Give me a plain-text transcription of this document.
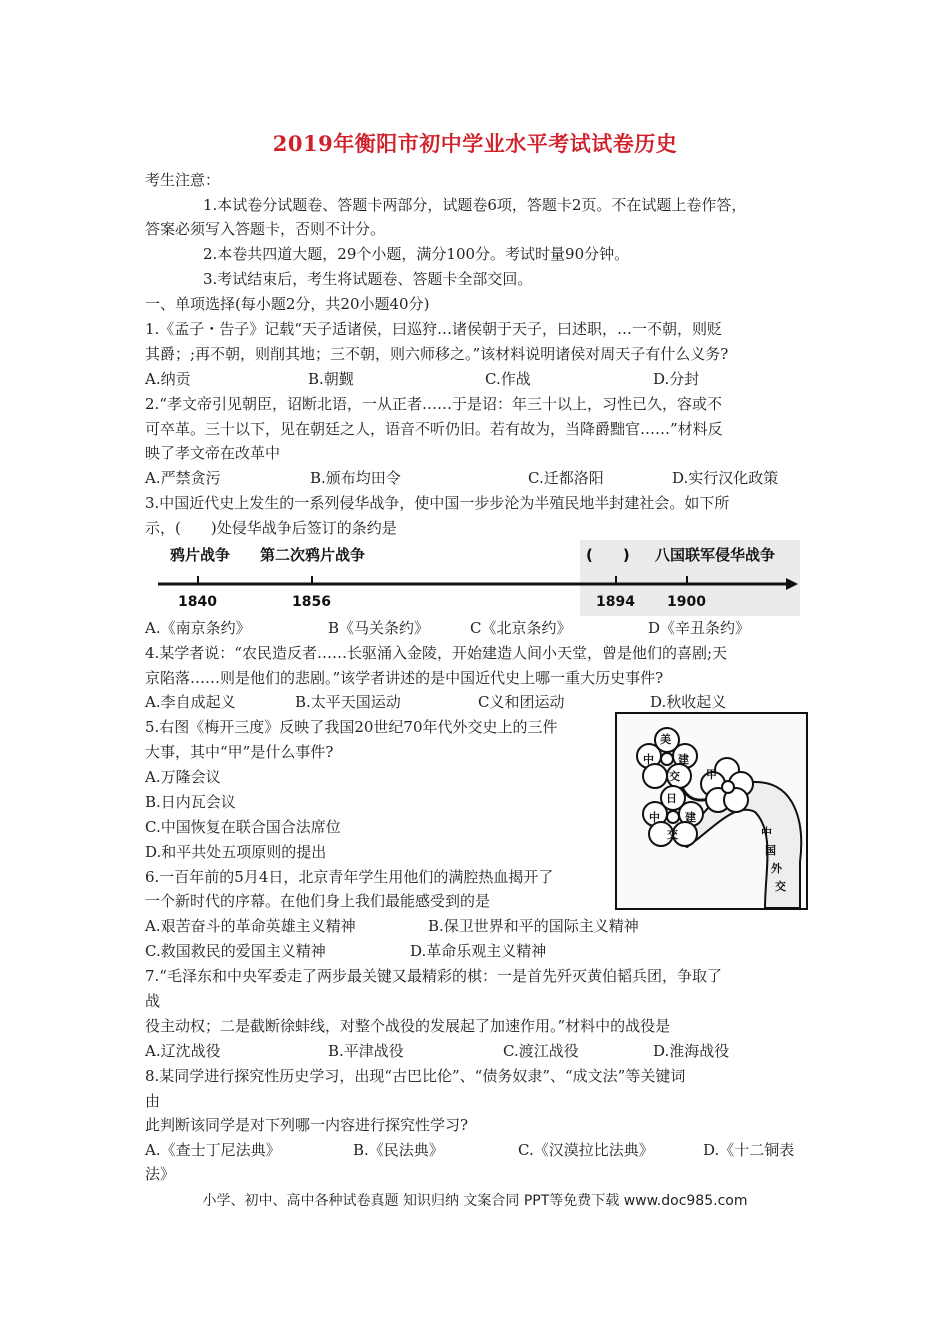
2019年衡阳市初中学业水平考试试卷历史
考生注意：
1.本试卷分试题卷、答题卡两部分，试题卷6项，答题卡2页。不在试题上卷作答，
答案必须写入答题卡，否则不计分。
2.本卷共四道大题，29个小题，满分100分。考试时量90分钟。
3.考试结束后，考生将试题卷、答题卡全部交回。
一、单项选择(每小题2分，共20小题40分)
1.《孟子・告子》记载“天子适诸侯，曰巡狩…诸侯朝于天子，曰述职，…一不朝，则贬
其爵；;再不朝，则削其地；三不朝，则六师移之。”该材料说明诸侯对周天子有什么义务?
A.纳贡	B.朝觐	C.作战	D.分封
2.“孝文帝引见朝臣，诏断北语，一从正者……于是诏：年三十以上，习性已久，容或不
可卒革。三十以下，见在朝廷之人，语音不听仍旧。若有故为，当降爵黜官……”材料反
映了孝文帝在改革中
A.严禁贪污	B.颁布均田令	C.迁都洛阳	D.实行汉化政策
3.中国近代史上发生的一系列侵华战争，使中国一步步沦为半殖民地半封建社会。如下所
示，(　　)处侵华战争后签订的条约是
鸦片战争 第二次鸦片战争	(　　) 八国联军侵华战争
1840	1856	1894 1900
A.《南京条约》	B《马关条约》	C《北京条约》	D《辛丑条约》
4.某学者说：“农民造反者……长驱涌入金陵，开始建造人间小天堂，曾是他们的喜剧;天
京陷落……则是他们的悲剧。”该学者讲述的是中国近代史上哪一重大历史事件?
A.李自成起义	B.太平天国运动	C义和团运动	D.秋收起义
5.右图《梅开三度》反映了我国20世纪70年代外交史上的三件
大事，其中“甲”是什么事件?
A.万隆会议
B.日内瓦会议
C.中国恢复在联合国合法席位
D.和平共处五项原则的提出
美
中 建
交 甲
日
中 建
交	中
国
外
交
6.一百年前的5月4日，北京青年学生用他们的满腔热血揭开了
一个新时代的序幕。在他们身上我们最能感受到的是
A.艰苦奋斗的革命英雄主义精神	B.保卫世界和平的国际主义精神
C.救国救民的爱国主义精神	D.革命乐观主义精神
7.“毛泽东和中央军委走了两步最关键又最精彩的棋：一是首先歼灭黄伯韬兵团，争取了
战
役主动权；二是截断徐蚌线，对整个战役的发展起了加速作用。”材料中的战役是
A.辽沈战役	B.平津战役	C.渡江战役	D.淮海战役
8.某同学进行探究性历史学习，出现“古巴比伦”、“债务奴隶”、“成文法”等关键词
由
此判断该同学是对下列哪一内容进行探究性学习?
A.《查士丁尼法典》	B.《民法典》	C.《汉漠拉比法典》	D.《十二铜表
法》
小学、初中、高中各种试卷真题 知识归纳 文案合同 PPT等免费下载 www.doc985.com
